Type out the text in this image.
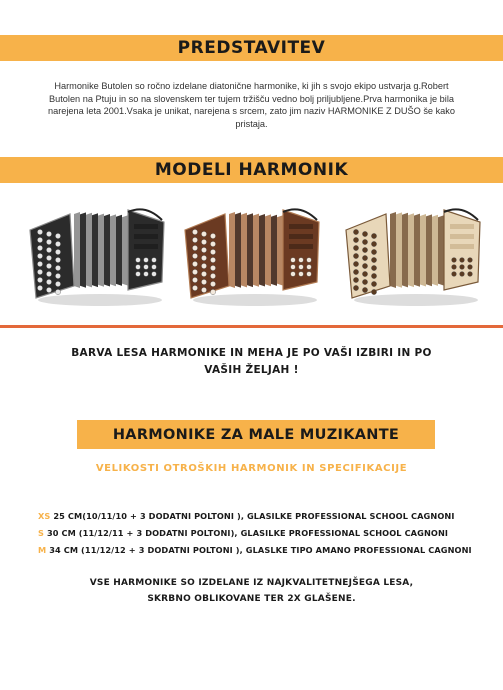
PREDSTAVITEV
Harmonike Butolen so ročno izdelane diatonične harmonike, ki jih s svojo ekipo ustvarja g.Robert
Butolen na Ptuju in so na slovenskem ter tujem tržišču vedno bolj priljubljene.Prva harmonika je bila
narejena leta 2001.Vsaka je unikat, narejena s srcem, zato jim naziv HARMONIKE Z DUŠO še kako
pristaja.
MODELI HARMONIK
BARVA LESA HARMONIKE IN MEHA JE PO VAŠI IZBIRI IN PO
VAŠIH ŽELJAH !
HARMONIKE ZA MALE MUZIKANTE
VELIKOSTI OTROŠKIH HARMONIK IN SPECIFIKACIJE
XS 25 CM(10/11/10 + 3 DODATNI POLTONI ), GLASILKE PROFESSIONAL SCHOOL CAGNONI
S 30 CM (11/12/11 + 3 DODATNI POLTONI), GLASILKE PROFESSIONAL SCHOOL CAGNONI
M 34 CM (11/12/12 + 3 DODATNI POLTONI ), GLASLKE TIPO AMANO PROFESSIONAL CAGNONI
VSE HARMONIKE SO IZDELANE IZ NAJKVALITETNEJŠEGA LESA,
SKRBNO OBLIKOVANE TER 2X GLAŠENE.
